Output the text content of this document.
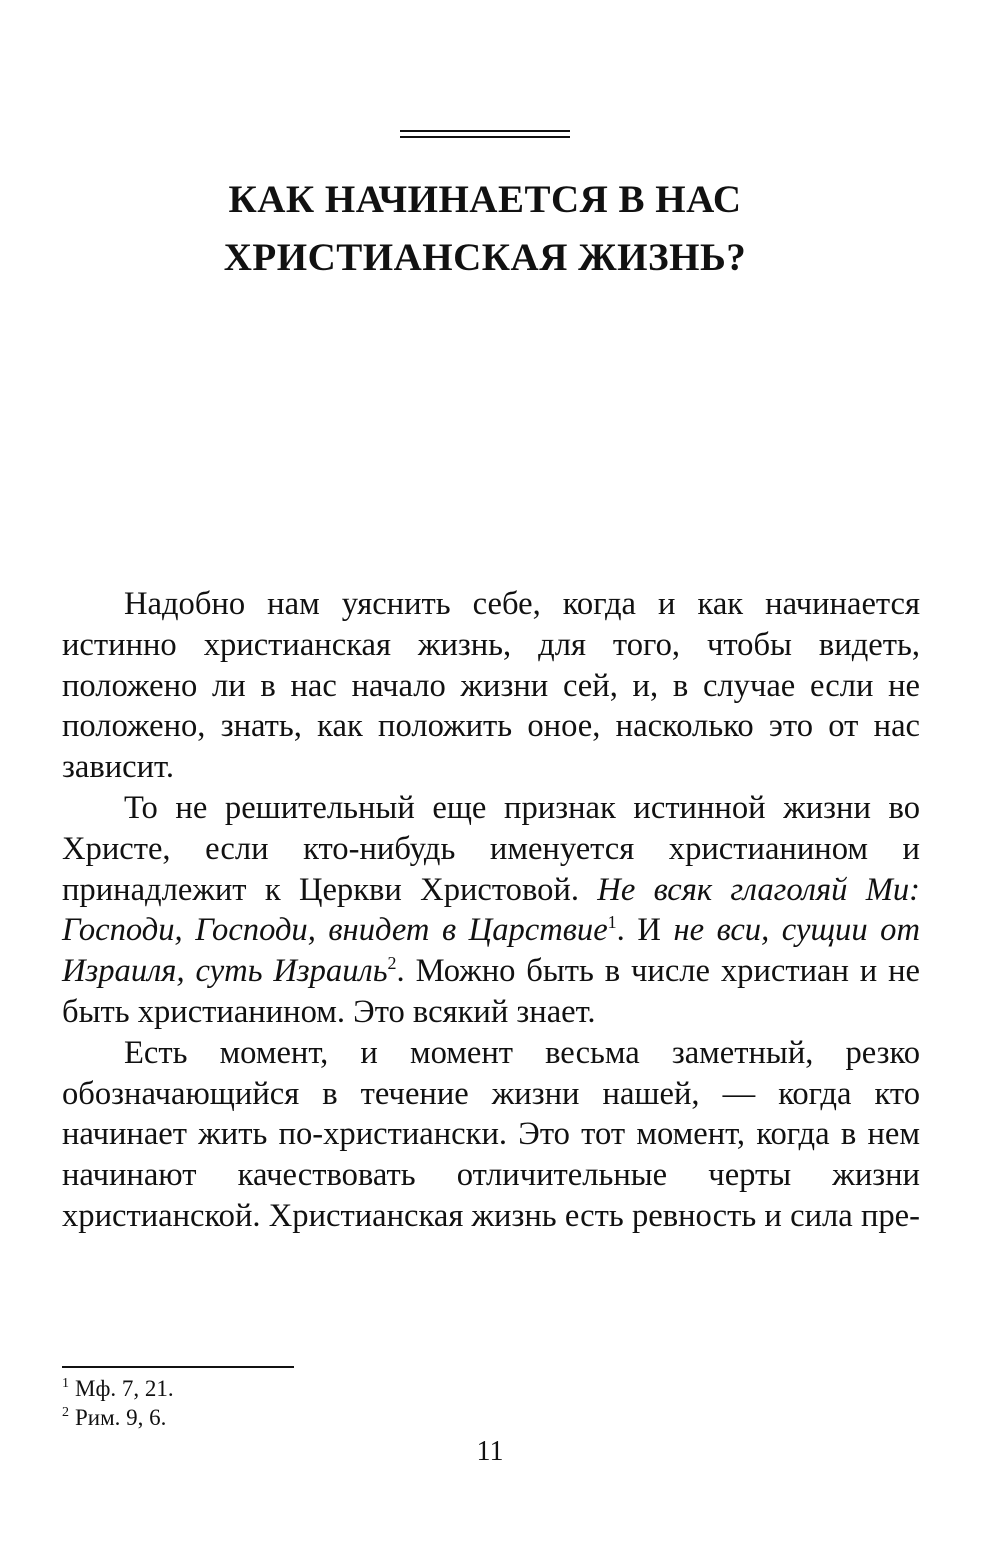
КАК НАЧИНАЕТСЯ В НАС
ХРИСТИАНСКАЯ ЖИЗНЬ?

Надобно нам уяснить себе, когда и как начинается истинно христианская жизнь, для того, чтобы видеть, положено ли в нас начало жизни сей, и, в случае если не положено, знать, как положить оное, насколько это от нас зависит.

То не решительный еще признак истинной жизни во Христе, если кто-нибудь именуется христианином и принадлежит к Церкви Христовой. Не всяк глаголяй Ми: Господи, Господи, внидет в Царствие$^1$. И не вси, сущии от Израиля, суть Израиль$^2$. Можно быть в числе христиан и не быть христианином. Это всякий знает.

Есть момент, и момент весьма заметный, резко обозначающийся в течение жизни нашей, — когда кто начинает жить по-христиански. Это тот момент, когда в нем начинают качествовать отличительные черты жизни христианской. Христианская жизнь есть ревность и сила пре-

$^1$ Мф. 7, 21.
$^2$ Рим. 9, 6.
11
